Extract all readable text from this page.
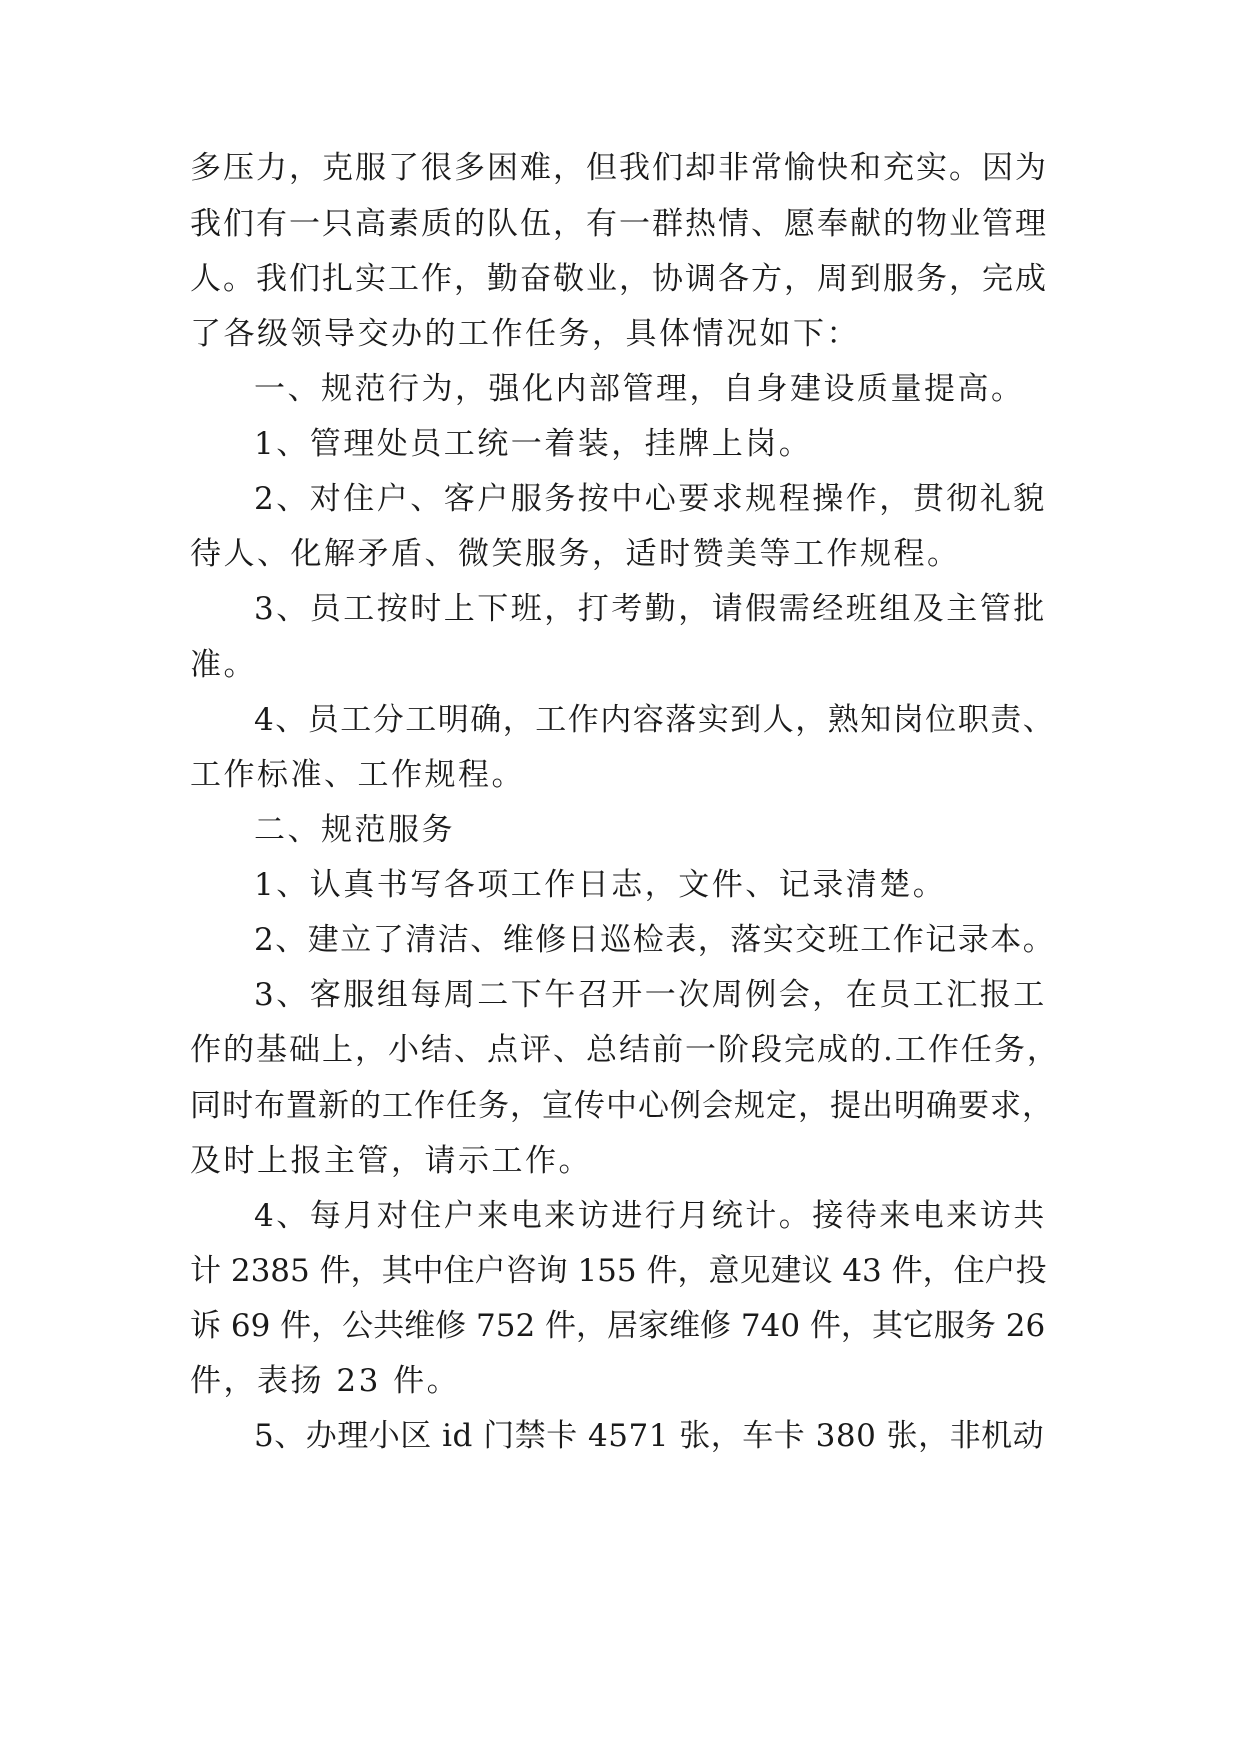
多压力，克服了很多困难，但我们却非常愉快和充实。因为
我们有一只高素质的队伍，有一群热情、愿奉献的物业管理
人。我们扎实工作，勤奋敬业，协调各方，周到服务，完成
了各级领导交办的工作任务，具体情况如下：
一、规范行为，强化内部管理，自身建设质量提高。
1、管理处员工统一着装，挂牌上岗。
2、对住户、客户服务按中心要求规程操作，贯彻礼貌
待人、化解矛盾、微笑服务，适时赞美等工作规程。
3、员工按时上下班，打考勤，请假需经班组及主管批
准。
4、员工分工明确，工作内容落实到人，熟知岗位职责、
工作标准、工作规程。
二、规范服务
1、认真书写各项工作日志，文件、记录清楚。
2、建立了清洁、维修日巡检表，落实交班工作记录本。
3、客服组每周二下午召开一次周例会，在员工汇报工
作的基础上，小结、点评、总结前一阶段完成的.工作任务，
同时布置新的工作任务，宣传中心例会规定，提出明确要求，
及时上报主管，请示工作。
4、每月对住户来电来访进行月统计。接待来电来访共
计 2385 件，其中住户咨询 155 件，意见建议 43 件，住户投
诉 69 件，公共维修 752 件，居家维修 740 件，其它服务 26
件，表扬 23 件。
5、办理小区 id 门禁卡 4571 张，车卡 380 张，非机动
